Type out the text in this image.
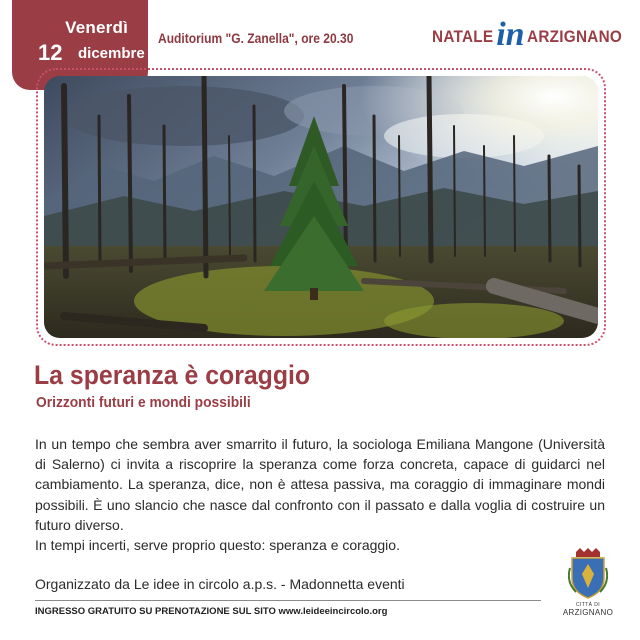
Venerdì
12 dicembre
Auditorium "G. Zanella", ore 20.30	NATALE in ARZIGNANO
La speranza è coraggio
Orizzonti futuri e mondi possibili

In un tempo che sembra aver smarrito il futuro, la sociologa Emiliana Mangone (Università di Salerno) ci invita a riscoprire la speranza come forza concreta, capace di guidarci nel cambiamento. La speranza, dice, non è attesa passiva, ma coraggio di immaginare mondi possibili. È uno slancio che nasce dal confronto con il passato e dalla voglia di costruire un futuro diverso.

In tempi incerti, serve proprio questo: speranza e coraggio.

Organizzato da Le idee in circolo a.p.s. - Madonnetta eventi
INGRESSO GRATUITO SU PRENOTAZIONE SUL SITO www.leideeincircolo.org
CITTÀ DI
ARZIGNANO
